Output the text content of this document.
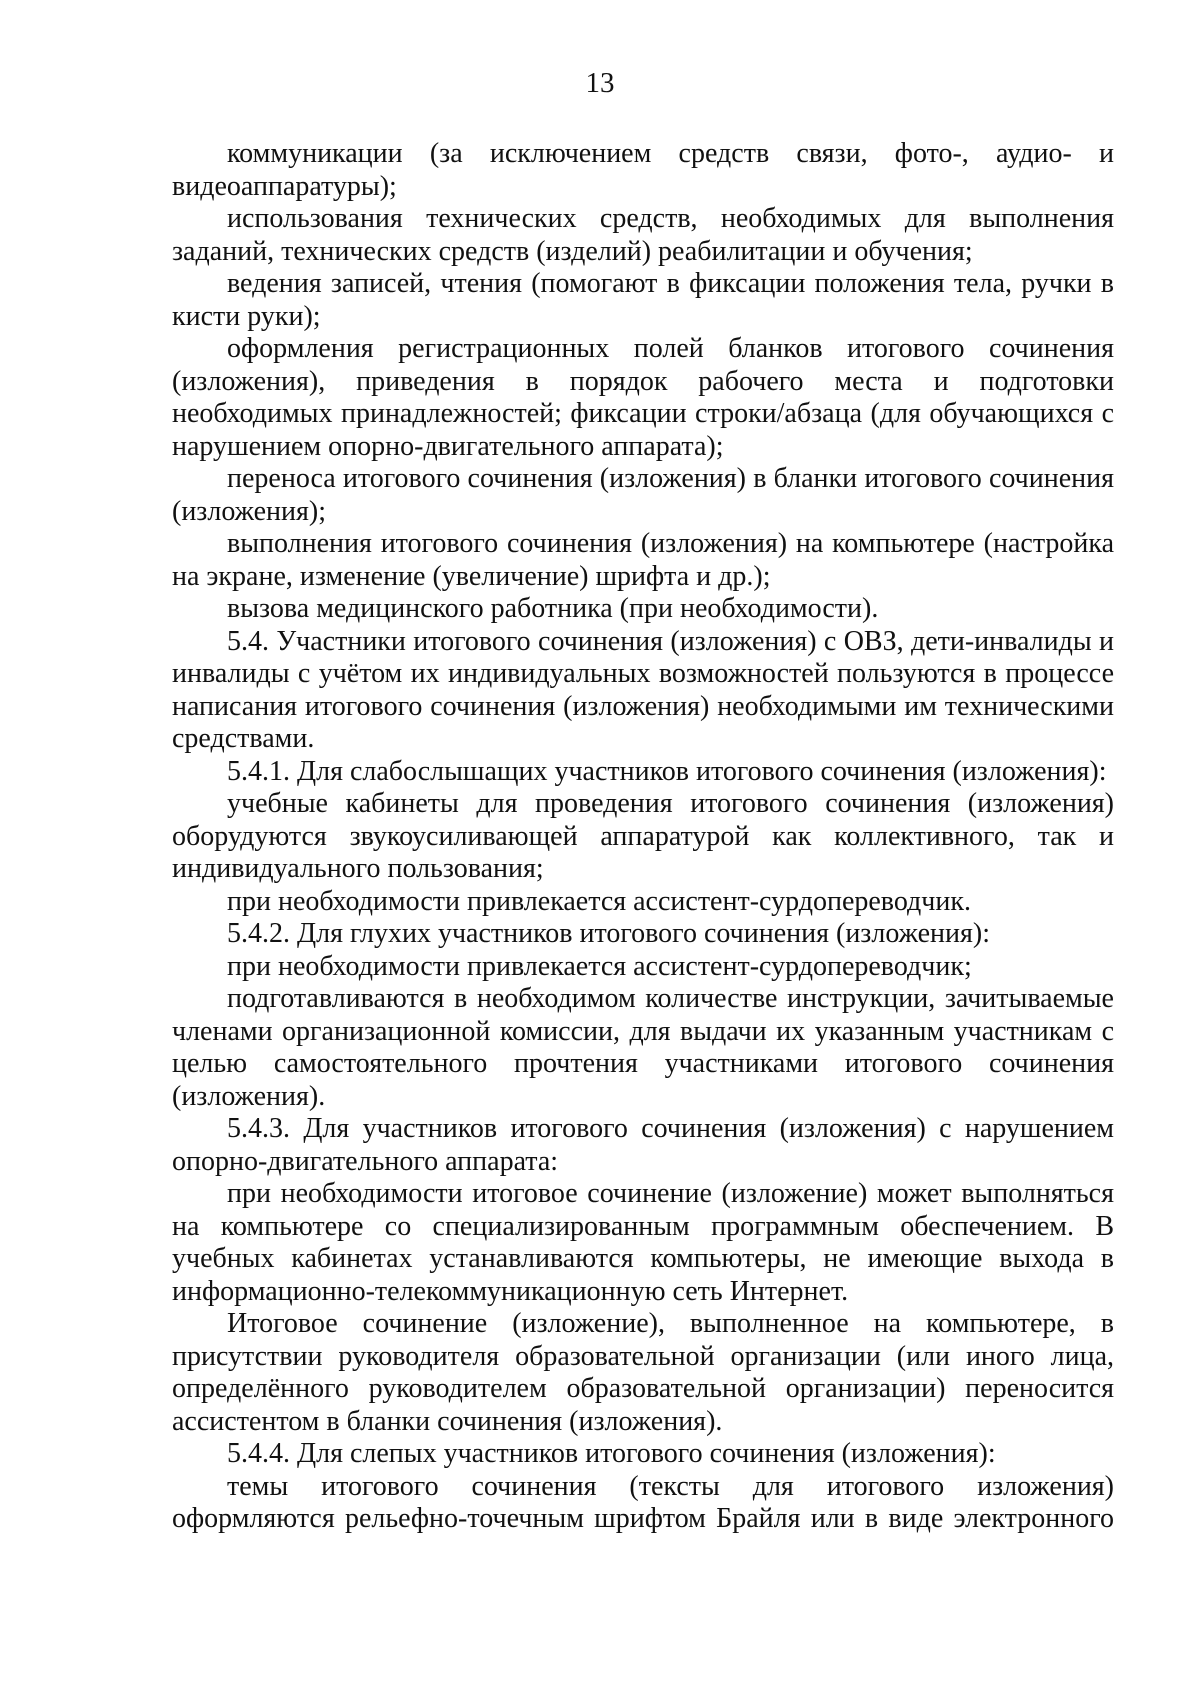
13

коммуникации (за исключением средств связи, фото-, аудио- и видеоаппаратуры);

использования технических средств, необходимых для выполнения заданий, технических средств (изделий) реабилитации и обучения;

ведения записей, чтения (помогают в фиксации положения тела, ручки в кисти руки);

оформления регистрационных полей бланков итогового сочинения (изложения), приведения в порядок рабочего места и подготовки необходимых принадлежностей; фиксации строки/абзаца (для обучающихся с нарушением опорно-двигательного аппарата);

переноса итогового сочинения (изложения) в бланки итогового сочинения (изложения);

выполнения итогового сочинения (изложения) на компьютере (настройка на экране, изменение (увеличение) шрифта и др.);

вызова медицинского работника (при необходимости).

5.4. Участники итогового сочинения (изложения) с ОВЗ, дети-инвалиды и инвалиды с учётом их индивидуальных возможностей пользуются в процессе написания итогового сочинения (изложения) необходимыми им техническими средствами.

5.4.1. Для слабослышащих участников итогового сочинения (изложения):

учебные кабинеты для проведения итогового сочинения (изложения) оборудуются звукоусиливающей аппаратурой как коллективного, так и индивидуального пользования;

при необходимости привлекается ассистент-сурдопереводчик.

5.4.2. Для глухих участников итогового сочинения (изложения):

при необходимости привлекается ассистент-сурдопереводчик;

подготавливаются в необходимом количестве инструкции, зачитываемые членами организационной комиссии, для выдачи их указанным участникам с целью самостоятельного прочтения участниками итогового сочинения (изложения).

5.4.3. Для участников итогового сочинения (изложения) с нарушением опорно-двигательного аппарата:

при необходимости итоговое сочинение (изложение) может выполняться на компьютере со специализированным программным обеспечением. В учебных кабинетах устанавливаются компьютеры, не имеющие выхода в информационно-телекоммуникационную сеть Интернет.

Итоговое сочинение (изложение), выполненное на компьютере, в присутствии руководителя образовательной организации (или иного лица, определённого руководителем образовательной организации) переносится ассистентом в бланки сочинения (изложения).

5.4.4. Для слепых участников итогового сочинения (изложения):

темы итогового сочинения (тексты для итогового изложения) оформляются рельефно-точечным шрифтом Брайля или в виде электронного
